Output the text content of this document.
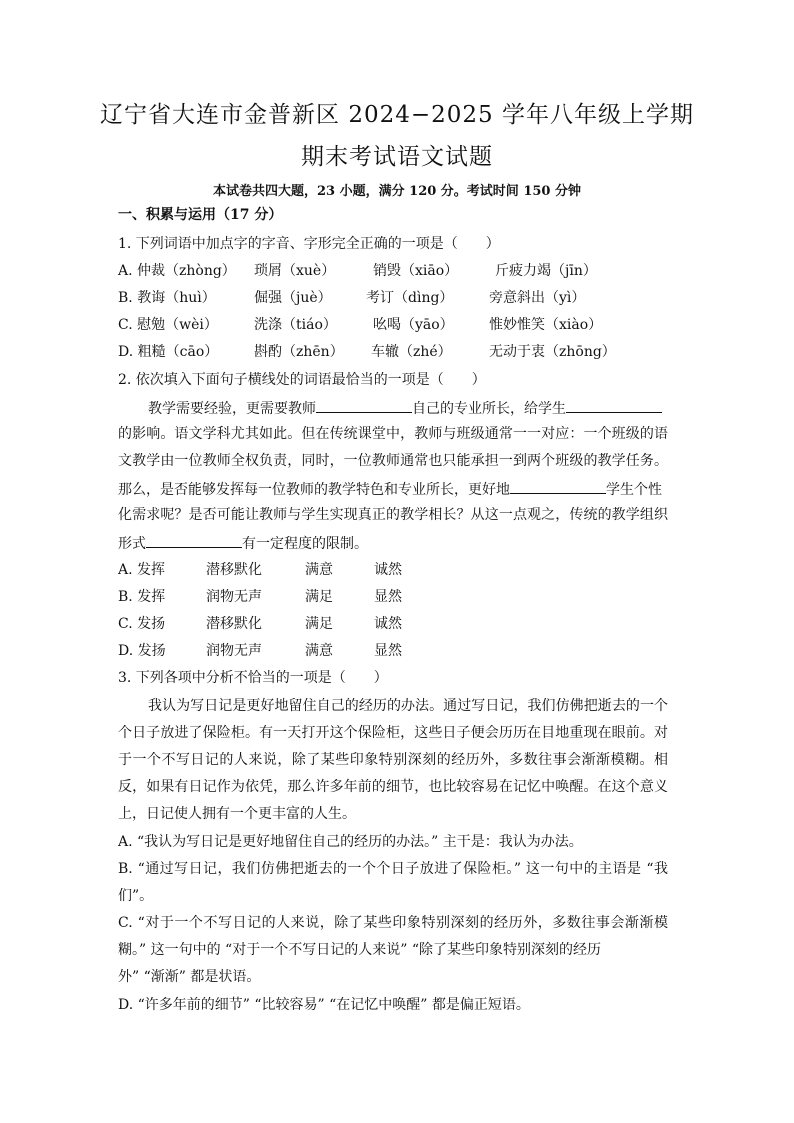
辽宁省大连市金普新区 2024−2025 学年八年级上学期
期末考试语文试题
本试卷共四大题，23 小题，满分 120 分。考试时间 150 分钟
一、积累与运用（17 分）
1. 下列词语中加点字的字音、字形完全正确的一项是（　　）
A. 仲裁（zhòng） 琐屑（xuè）	销毁（xiāo）	斤疲力竭（jīn）
B. 教诲（huì）	倔强（juè） 考订（dìng）	旁意斜出（yì）
C. 慰勉（wèi）	洗涤（tiáo）	吆喝（yāo）	惟妙惟笑（xiào）
D. 粗糙（cāo）	斟酌（zhēn） 车辙（zhé）	无动于衷（zhōng）
2. 依次填入下面句子横线处的词语最恰当的一项是（　　）
教学需要经验，更需要教师	自己的专业所长，给学生
的影响。语文学科尤其如此。但在传统课堂中，教师与班级通常一一对应：一个班级的语
文教学由一位教师全权负责，同时，一位教师通常也只能承担一到两个班级的教学任务。
那么，是否能够发挥每一位教师的教学特色和专业所长，更好地	学生个性
化需求呢？是否可能让教师与学生实现真正的教学相长？从这一点观之，传统的教学组织
形式	有一定程度的限制。
A. 发挥	潜移默化	满意	诚然
B. 发挥	润物无声	满足	显然
C. 发扬	潜移默化	满足	诚然
D. 发扬	润物无声	满意	显然
3. 下列各项中分析不恰当的一项是（　　）
我认为写日记是更好地留住自己的经历的办法。通过写日记，我们仿佛把逝去的一个
个日子放进了保险柜。有一天打开这个保险柜，这些日子便会历历在目地重现在眼前。对
于一个不写日记的人来说，除了某些印象特别深刻的经历外，多数往事会渐渐模糊。相
反，如果有日记作为依凭，那么许多年前的细节，也比较容易在记忆中唤醒。在这个意义
上，日记使人拥有一个更丰富的人生。
A. “我认为写日记是更好地留住自己的经历的办法。” 主干是：我认为办法。
B. “通过写日记，我们仿佛把逝去的一个个日子放进了保险柜。” 这一句中的主语是 “我
们”。
C. “对于一个不写日记的人来说，除了某些印象特别深刻的经历外，多数往事会渐渐模
糊。” 这一句中的 “对于一个不写日记的人来说” “除了某些印象特别深刻的经历
外” “渐渐” 都是状语。
D. “许多年前的细节” “比较容易” “在记忆中唤醒” 都是偏正短语。
